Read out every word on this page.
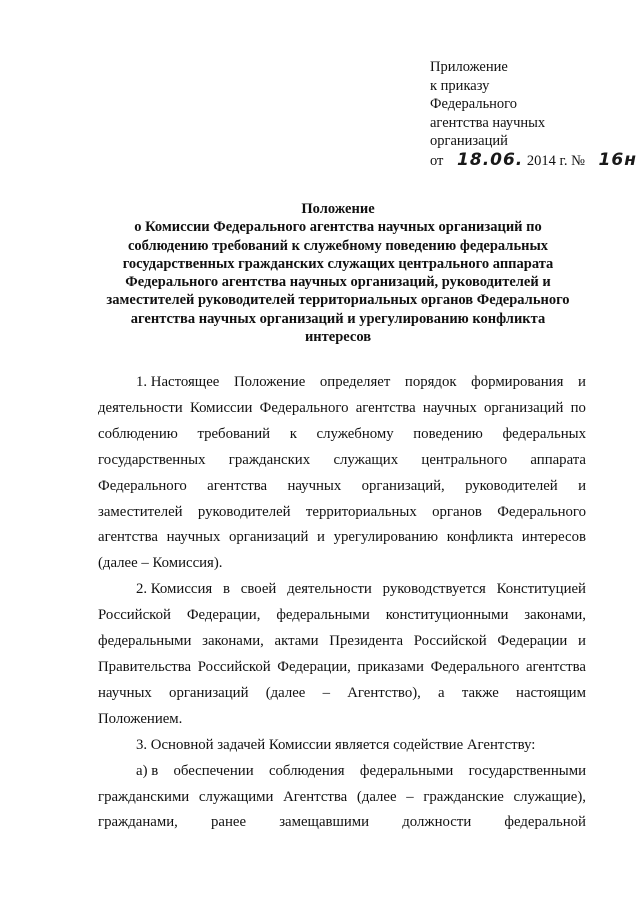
Приложение
к приказу
Федерального
агентства научных
организаций
от 18.06. 2014 г. № 16н
Положение
о Комиссии Федерального агентства научных организаций по
соблюдению требований к служебному поведению федеральных
государственных гражданских служащих центрального аппарата
Федерального агентства научных организаций, руководителей и
заместителей руководителей территориальных органов Федерального
агентства научных организаций и урегулированию конфликта
интересов
1. Настоящее Положение определяет порядок формирования и
деятельности Комиссии Федерального агентства научных организаций по
соблюдению требований к служебному поведению федеральных
государственных гражданских служащих центрального аппарата
Федерального агентства научных организаций, руководителей и
заместителей руководителей территориальных органов Федерального
агентства научных организаций и урегулированию конфликта интересов
(далее – Комиссия).
2. Комиссия в своей деятельности руководствуется Конституцией
Российской Федерации, федеральными конституционными законами,
федеральными законами, актами Президента Российской Федерации и
Правительства Российской Федерации, приказами Федерального агентства
научных организаций (далее – Агентство), а также настоящим
Положением.
3. Основной задачей Комиссии является содействие Агентству:
а) в обеспечении соблюдения федеральными государственными
гражданскими служащими Агентства (далее – гражданские служащие),
гражданами, ранее замещавшими должности федеральной
